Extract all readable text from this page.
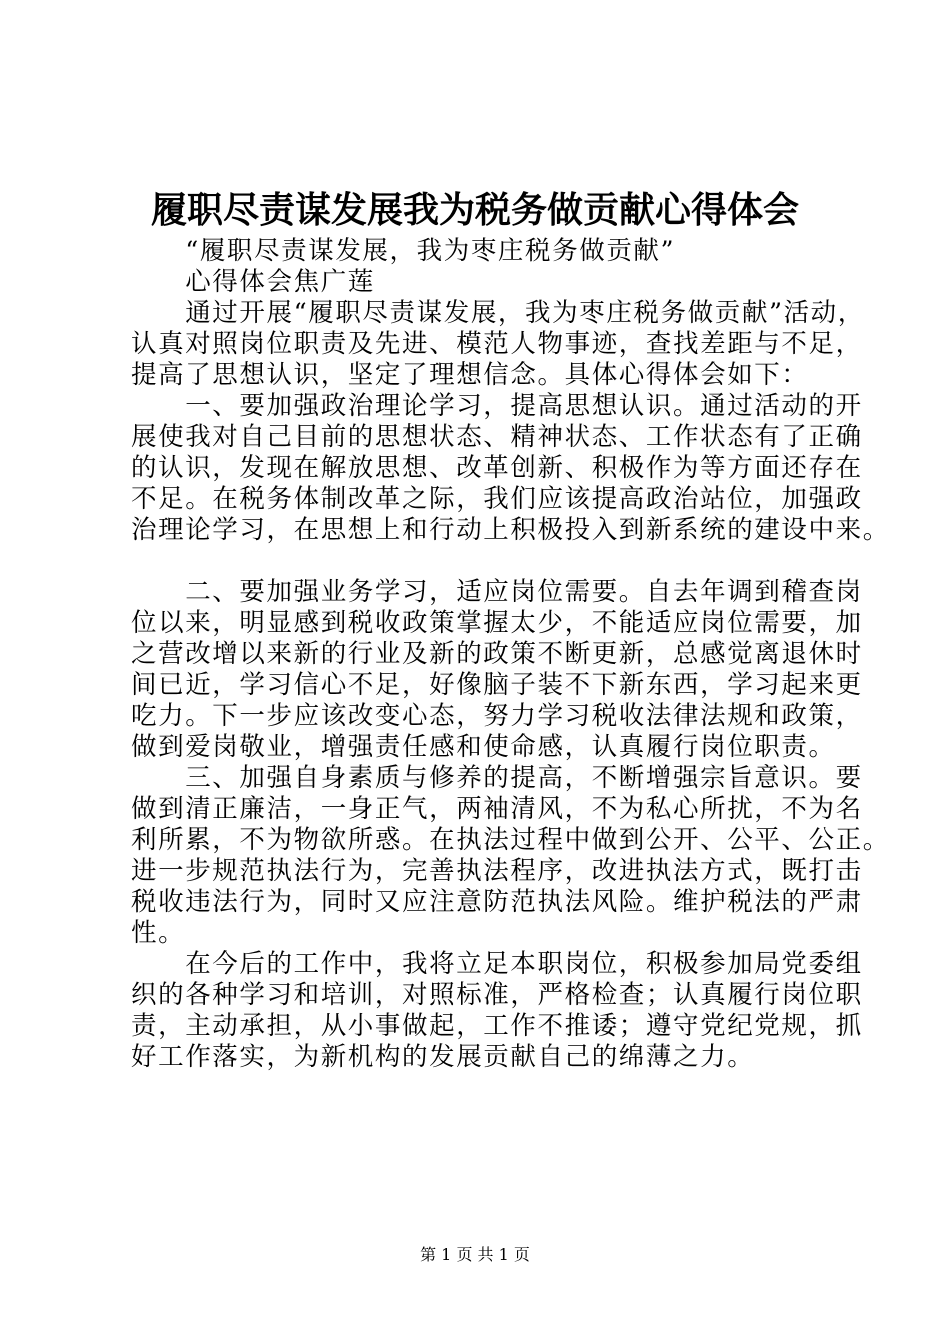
履职尽责谋发展我为税务做贡献心得体会
　　“履职尽责谋发展，我为枣庄税务做贡献”
　　心得体会焦广莲
　　通过开展“履职尽责谋发展，我为枣庄税务做贡献”活动，
认真对照岗位职责及先进、模范人物事迹，查找差距与不足，
提高了思想认识，坚定了理想信念。具体心得体会如下：
　　一、要加强政治理论学习，提高思想认识。通过活动的开
展使我对自己目前的思想状态、精神状态、工作状态有了正确
的认识，发现在解放思想、改革创新、积极作为等方面还存在
不足。在税务体制改革之际，我们应该提高政治站位，加强政
治理论学习，在思想上和行动上积极投入到新系统的建设中来。
　　二、要加强业务学习，适应岗位需要。自去年调到稽查岗
位以来，明显感到税收政策掌握太少，不能适应岗位需要，加
之营改增以来新的行业及新的政策不断更新，总感觉离退休时
间已近，学习信心不足，好像脑子装不下新东西，学习起来更
吃力。下一步应该改变心态，努力学习税收法律法规和政策，
做到爱岗敬业，增强责任感和使命感，认真履行岗位职责。
　　三、加强自身素质与修养的提高，不断增强宗旨意识。要
做到清正廉洁，一身正气，两袖清风，不为私心所扰，不为名
利所累，不为物欲所惑。在执法过程中做到公开、公平、公正。
进一步规范执法行为，完善执法程序，改进执法方式，既打击
税收违法行为，同时又应注意防范执法风险。维护税法的严肃
性。
　　在今后的工作中，我将立足本职岗位，积极参加局党委组
织的各种学习和培训，对照标准，严格检查；认真履行岗位职
责，主动承担，从小事做起，工作不推诿；遵守党纪党规，抓
好工作落实，为新机构的发展贡献自己的绵薄之力。
第 1 页 共 1 页
